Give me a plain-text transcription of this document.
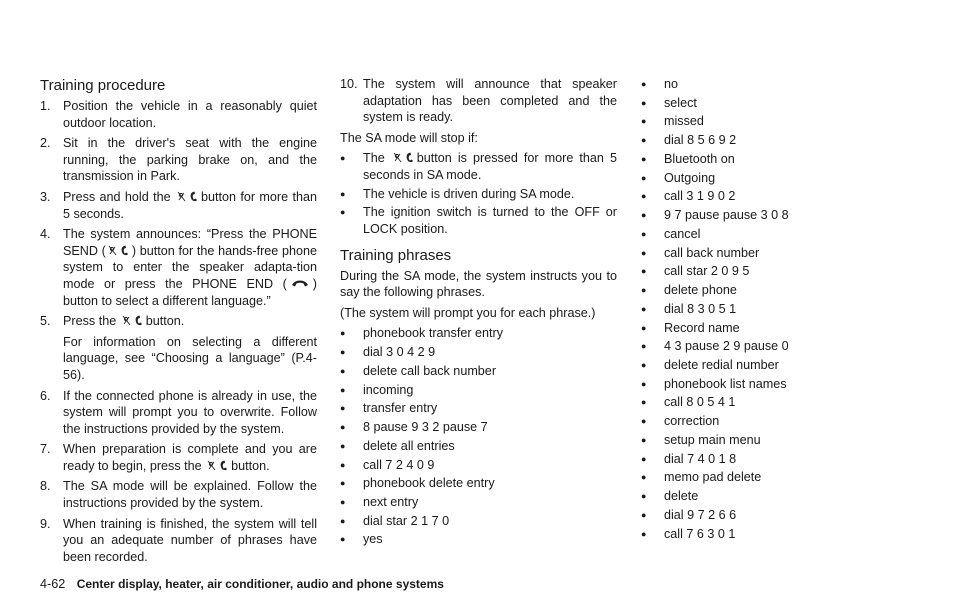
Training procedure
1. Position the vehicle in a reasonably quiet outdoor location.
2. Sit in the driver's seat with the engine running, the parking brake on, and the transmission in Park.
3. Press and hold the button for more than 5 seconds.
4. The system announces: “Press the PHONE SEND ( ) button for the hands-free phone system to enter the speaker adapta-tion mode or press the PHONE END ( ) button to select a different language.”
5. Press the button.
For information on selecting a different language, see “Choosing a language” (P.4-56).
6. If the connected phone is already in use, the system will prompt you to overwrite. Follow the instructions provided by the system.
7. When preparation is complete and you are ready to begin, press the button.
8. The SA mode will be explained. Follow the instructions provided by the system.
9. When training is finished, the system will tell you an adequate number of phrases have been recorded.
10. The system will announce that speaker adaptation has been completed and the system is ready.

The SA mode will stop if:

● The	button is pressed for more than 5 seconds in SA mode.
● The vehicle is driven during SA mode.
● The ignition switch is turned to the OFF or LOCK position.
Training phrases

During the SA mode, the system instructs you to say the following phrases.

(The system will prompt you for each phrase.)

● phonebook transfer entry
● dial 3 0 4 2 9
● delete call back number
● incoming
● transfer entry
● 8 pause 9 3 2 pause 7
● delete all entries
● call 7 2 4 0 9
● phonebook delete entry
● next entry
● dial star 2 1 7 0
● yes
● no
● select
● missed
● dial 8 5 6 9 2
● Bluetooth on
● Outgoing
● call 3 1 9 0 2
● 9 7 pause pause 3 0 8
● cancel
● call back number
● call star 2 0 9 5
● delete phone
● dial 8 3 0 5 1
● Record name
● 4 3 pause 2 9 pause 0
● delete redial number
● phonebook list names
● call 8 0 5 4 1
● correction
● setup main menu
● dial 7 4 0 1 8
● memo pad delete
● delete
● dial 9 7 2 6 6
● call 7 6 3 0 1
4-62 Center display, heater, air conditioner, audio and phone systems
